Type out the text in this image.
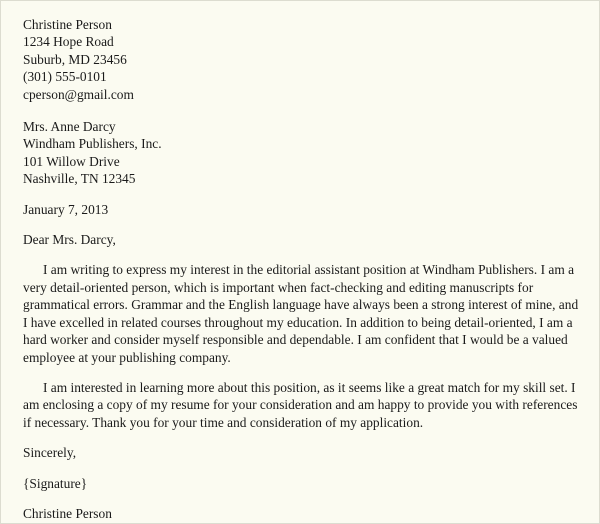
Christine Person
1234 Hope Road
Suburb, MD 23456
(301) 555-0101
cperson@gmail.com
Mrs. Anne Darcy
Windham Publishers, Inc.
101 Willow Drive
Nashville, TN 12345
January 7, 2013
Dear Mrs. Darcy,

I am writing to express my interest in the editorial assistant position at Windham Publishers. I am a very detail-oriented person, which is important when fact-checking and editing manuscripts for grammatical errors. Grammar and the English language have always been a strong interest of mine, and I have excelled in related courses throughout my education. In addition to being detail-oriented, I am a hard worker and consider myself responsible and dependable. I am confident that I would be a valued employee at your publishing company.

I am interested in learning more about this position, as it seems like a great match for my skill set. I am enclosing a copy of my resume for your consideration and am happy to provide you with references if necessary. Thank you for your time and consideration of my application.

Sincerely,
{Signature}
Christine Person
